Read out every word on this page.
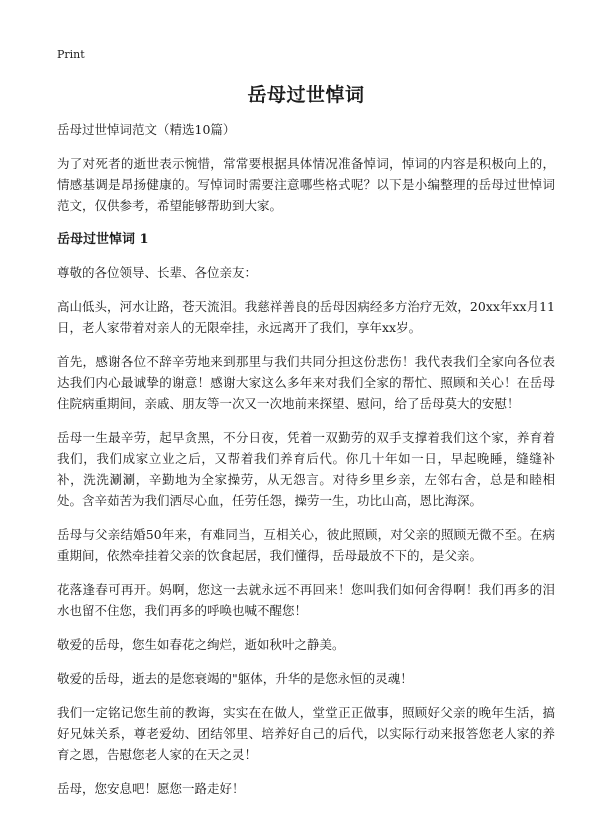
Print
岳母过世悼词

岳母过世悼词范文（精选10篇）

为了对死者的逝世表示惋惜，常常要根据具体情况准备悼词，悼词的内容是积极向上的，情感基调是昂扬健康的。写悼词时需要注意哪些格式呢？以下是小编整理的岳母过世悼词范文，仅供参考，希望能够帮助到大家。

岳母过世悼词 1

尊敬的各位领导、长辈、各位亲友：

高山低头，河水让路，苍天流泪。我慈祥善良的岳母因病经多方治疗无效，20xx年xx月11日，老人家带着对亲人的无限牵挂，永远离开了我们，享年xx岁。

首先，感谢各位不辞辛劳地来到那里与我们共同分担这份悲伤！我代表我们全家向各位表达我们内心最诚挚的谢意！感谢大家这么多年来对我们全家的帮忙、照顾和关心！在岳母住院病重期间，亲戚、朋友等一次又一次地前来探望、慰问，给了岳母莫大的安慰！

岳母一生最辛劳，起早贪黑，不分日夜，凭着一双勤劳的双手支撑着我们这个家，养育着我们，我们成家立业之后，又帮着我们养育后代。你几十年如一日，早起晚睡，缝缝补补，洗洗涮涮，辛勤地为全家操劳，从无怨言。对待乡里乡亲，左邻右舍，总是和睦相处。含辛茹苦为我们洒尽心血，任劳任怨，操劳一生，功比山高，恩比海深。

岳母与父亲结婚50年来，有难同当，互相关心，彼此照顾，对父亲的照顾无微不至。在病重期间，依然牵挂着父亲的饮食起居，我们懂得，岳母最放不下的，是父亲。

花落逢春可再开。妈啊，您这一去就永远不再回来！您叫我们如何舍得啊！我们再多的泪水也留不住您，我们再多的呼唤也喊不醒您！

敬爱的岳母，您生如春花之绚烂，逝如秋叶之静美。

敬爱的岳母，逝去的是您衰竭的"躯体，升华的是您永恒的灵魂！

我们一定铭记您生前的教诲，实实在在做人，堂堂正正做事，照顾好父亲的晚年生活，搞好兄妹关系，尊老爱幼、团结邻里、培养好自己的后代，以实际行动来报答您老人家的养育之恩，告慰您老人家的在天之灵！

岳母，您安息吧！愿您一路走好！
